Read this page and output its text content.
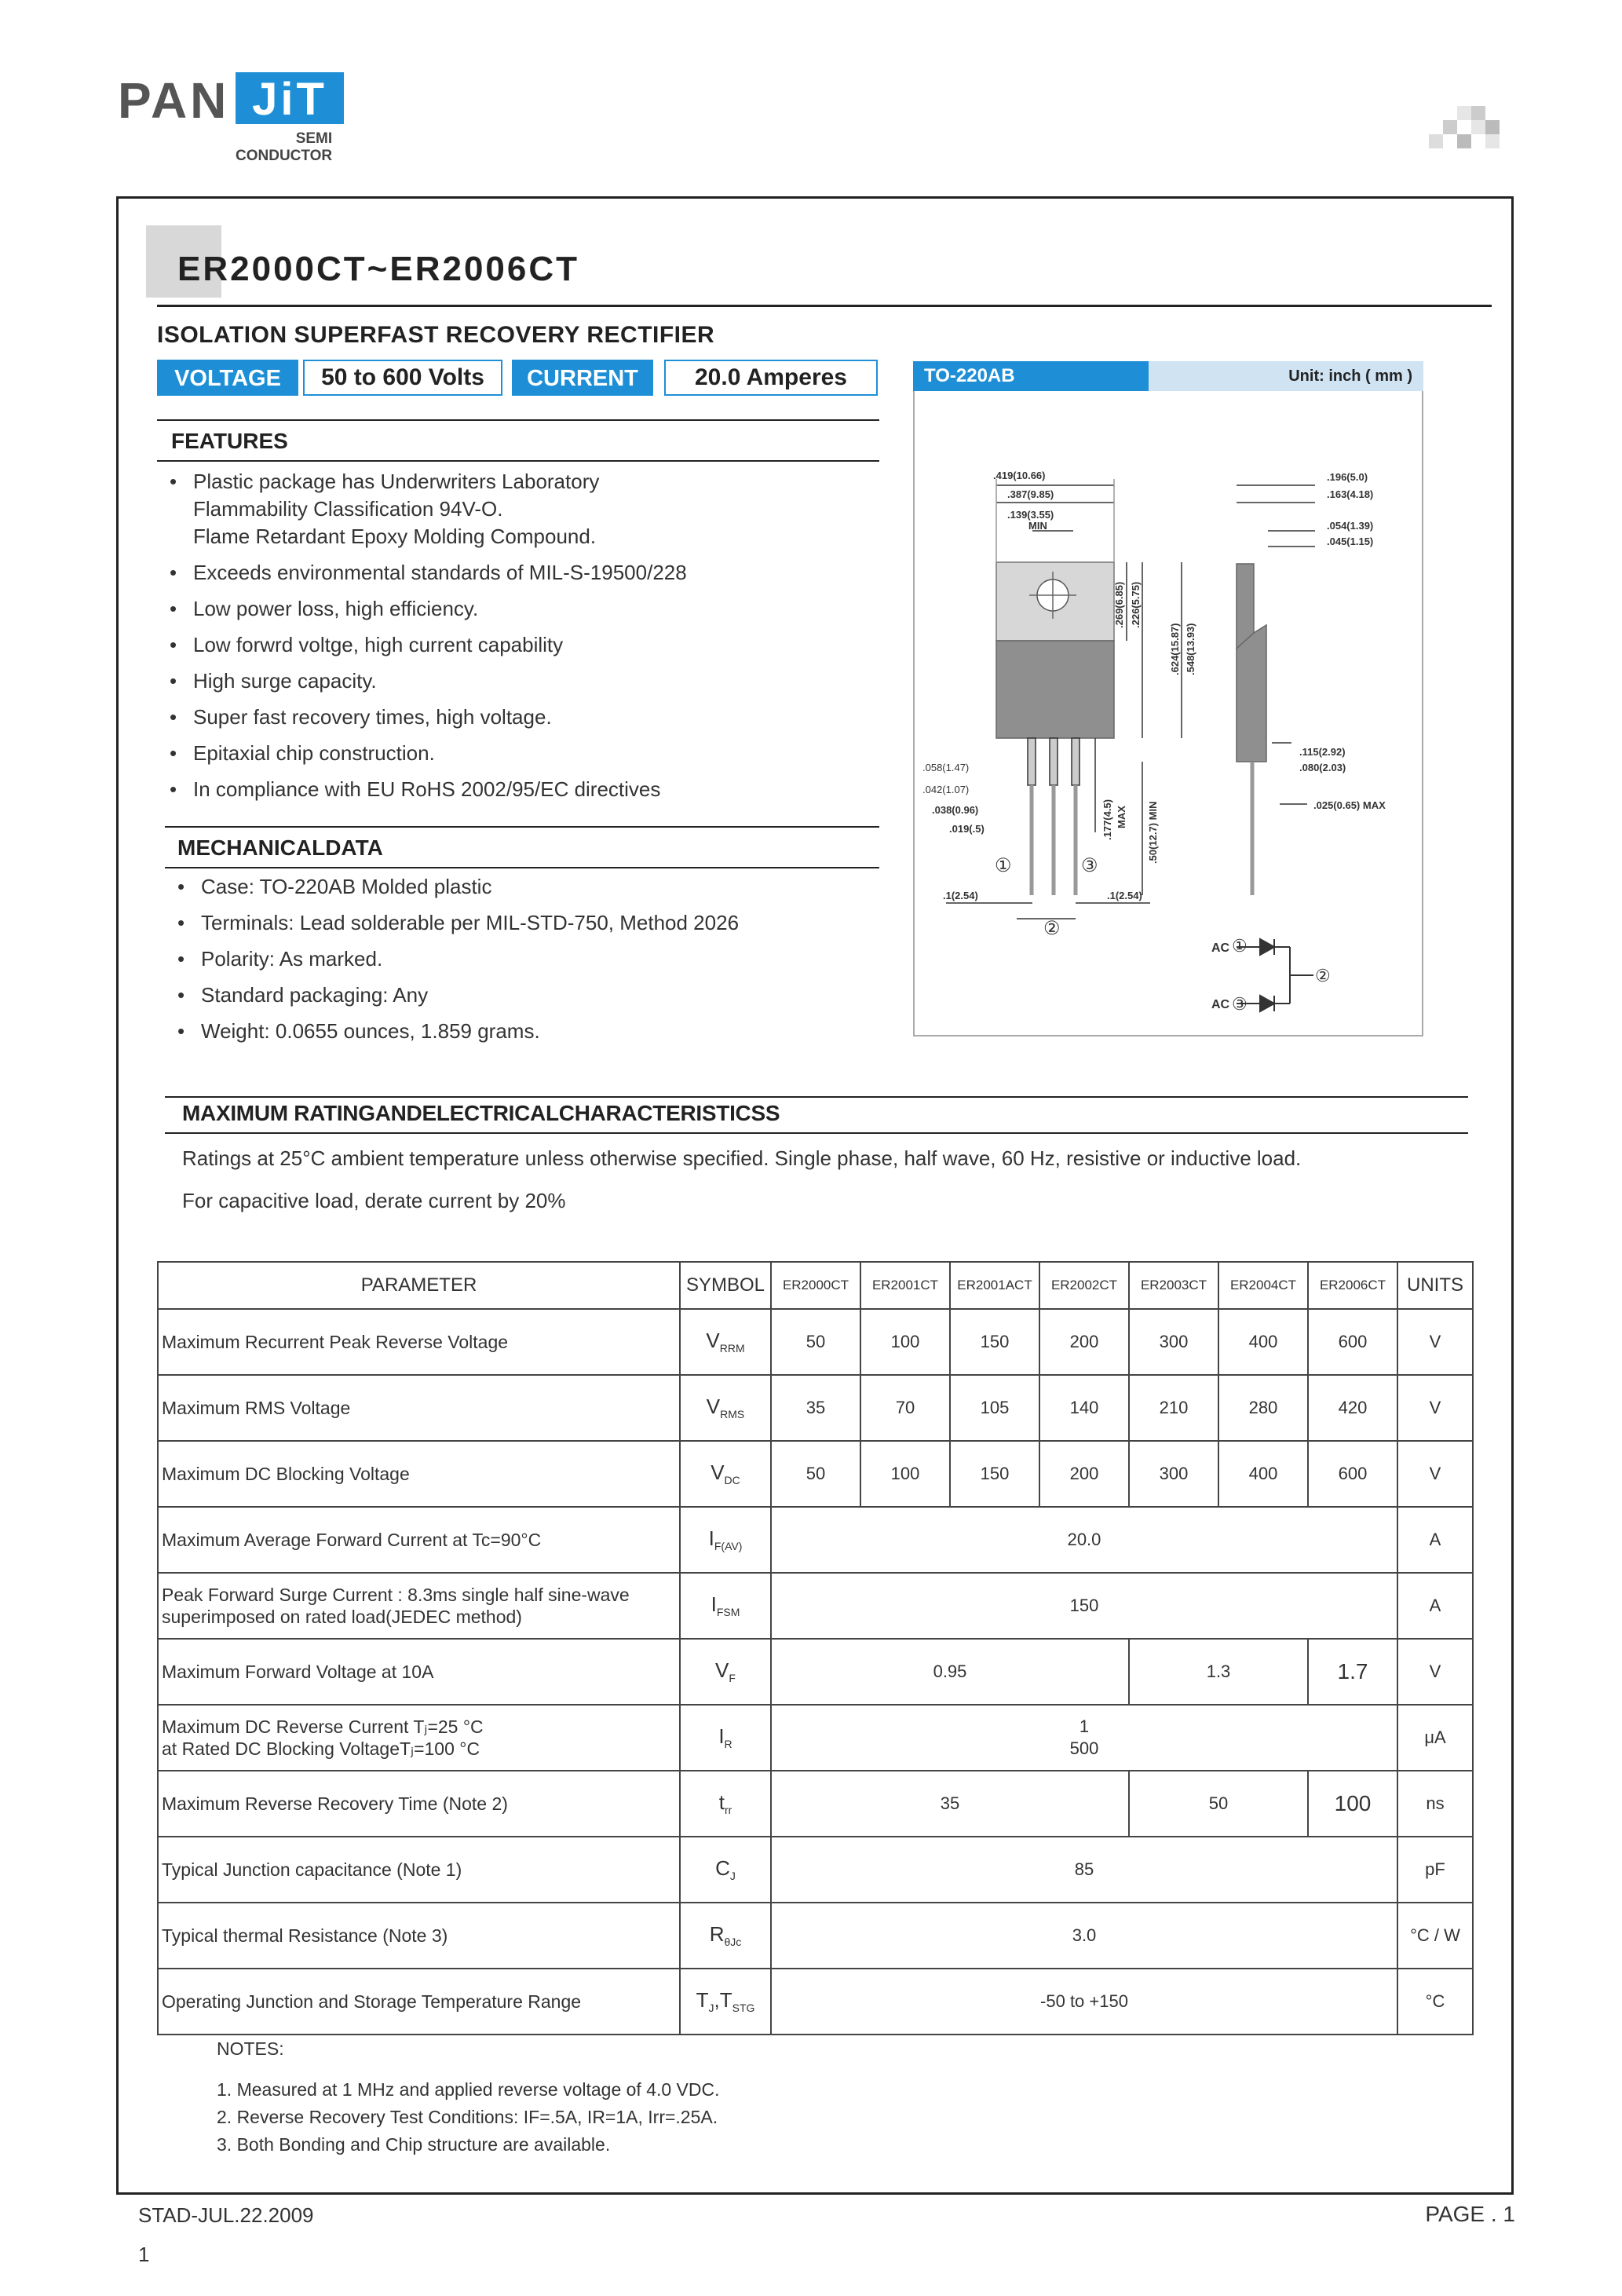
PAN JiT
SEMI
CONDUCTOR
ER2000CT~ER2006CT
ISOLATION SUPERFAST RECOVERY RECTIFIER
VOLTAGE	50 to 600 Volts	CURRENT	20.0 Amperes
FEATURES
• Plastic package has Underwriters Laboratory
Flammability Classification 94V-O.
Flame Retardant Epoxy Molding Compound.
• Exceeds environmental standards of MIL-S-19500/228
• Low power loss, high efficiency.
• Low forwrd voltge, high current capability
• High surge capacity.
• Super fast recovery times, high voltage.
• Epitaxial chip construction.
• In compliance with EU RoHS 2002/95/EC directives
MECHANICALDATA
• Case: TO-220AB Molded plastic
• Terminals: Lead solderable per MIL-STD-750, Method 2026
• Polarity: As marked.
• Standard packaging: Any
• Weight: 0.0655 ounces, 1.859 grams.
TO-220AB	Unit: inch ( mm )
.419(10.66)
.387(9.85)
.139(3.55)
MIN
.196(5.0)
.163(4.18)
.054(1.39)
.045(1.15)
.269(6.85) .226(5.75)
.624(15.87) .548(13.93)
.058(1.47)
.042(1.07)
.038(0.96)
.019(.5)	.177(4.5) MAX .50(12.7) MIN
.115(2.92)
.080(2.03)
.025(0.65) MAX
.1(2.54)	.1(2.54)
①	③
②
AC
AC
①
③
②
MAXIMUM RATINGANDELECTRICALCHARACTERISTICSS
Ratings at 25°C ambient temperature unless otherwise specified. Single phase, half wave, 60 Hz, resistive or inductive load.
For capacitive load, derate current by 20%
PARAMETER	SYMBOL	ER2000CT	ER2001CT	ER2001ACT	ER2002CT	ER2003CT	ER2004CT	ER2006CT	UNITS

Maximum Recurrent Peak Reverse Voltage	$V_{RRM}$	50	100	150	200	300	400	600	V

Maximum RMS Voltage	$V_{RMS}$	35	70	105	140	210	280	420	V

Maximum DC Blocking Voltage	$V_{DC}$	50	100	150	200	300	400	600	V

Maximum Average Forward Current at Tc=90°C	$I_{F(AV)}$	20.0							A

Peak Forward Surge Current : 8.3ms single half sine-wave
superimposed on rated load(JEDEC method)	$I_{FSM}$	150							A

Maximum Forward Voltage at 10A	$V_F$	0.95				1.3		1.7	V

Maximum DC Reverse Current Tⱼ=25 °C
at Rated DC Blocking VoltageTⱼ=100 °C	$I_R$	1
500							μA

Maximum Reverse Recovery Time (Note 2)	$t_{rr}$	35				50		100	ns

Typical Junction capacitance (Note 1)	$C_J$	85							pF

Typical thermal Resistance (Note 3)	$R_{\theta Jc}$	3.0							°C / W

Operating Junction and Storage Temperature Range	$T_J,T_{STG}$	-50 to +150							°C
NOTES:
1. Measured at 1 MHz and applied reverse voltage of 4.0 VDC.
2. Reverse Recovery Test Conditions: IF=.5A, IR=1A, Irr=.25A.
3. Both Bonding and Chip structure are available.
STAD-JUL.22.2009
1
PAGE . 1
